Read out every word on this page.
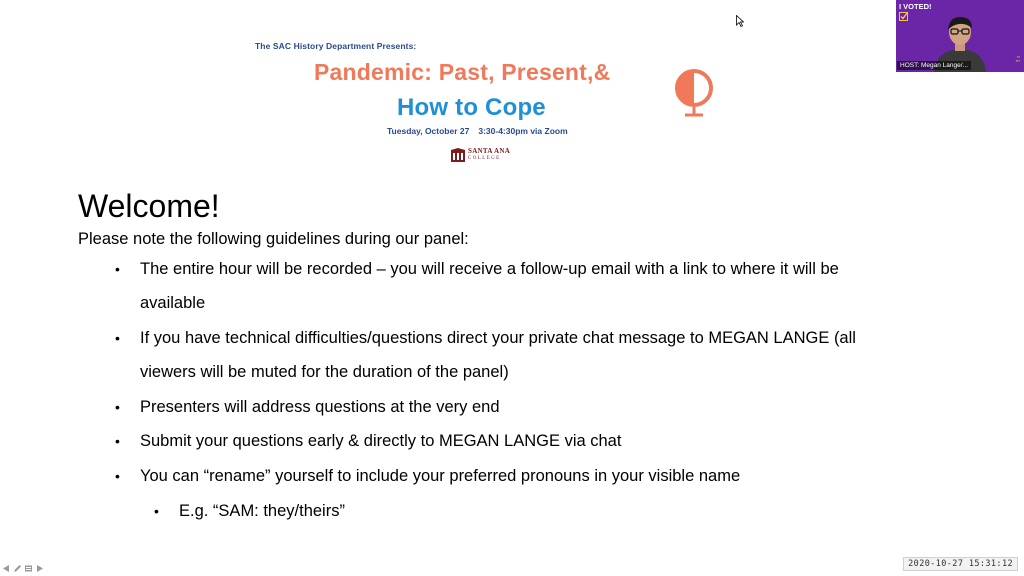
The SAC History Department Presents:
Pandemic: Past, Present,&
How to Cope
Tuesday, October 27 3:30-4:30pm via Zoom
SANTA ANA
COLLEGE
Welcome!
Please note the following guidelines during our panel:
• The entire hour will be recorded – you will receive a follow-up email with a link to where it will be
available
• If you have technical difficulties/questions direct your private chat message to MEGAN LANGE (all
viewers will be muted for the duration of the panel)
• Presenters will address questions at the very end
• Submit your questions early & directly to MEGAN LANGE via chat
• You can “rename” yourself to include your preferred pronouns in your visible name
• E.g. “SAM: they/theirs”
I VOTED!
▪▪
▪▪▪
HOST: Megan Lange/...
2020-10-27 15:31:12
